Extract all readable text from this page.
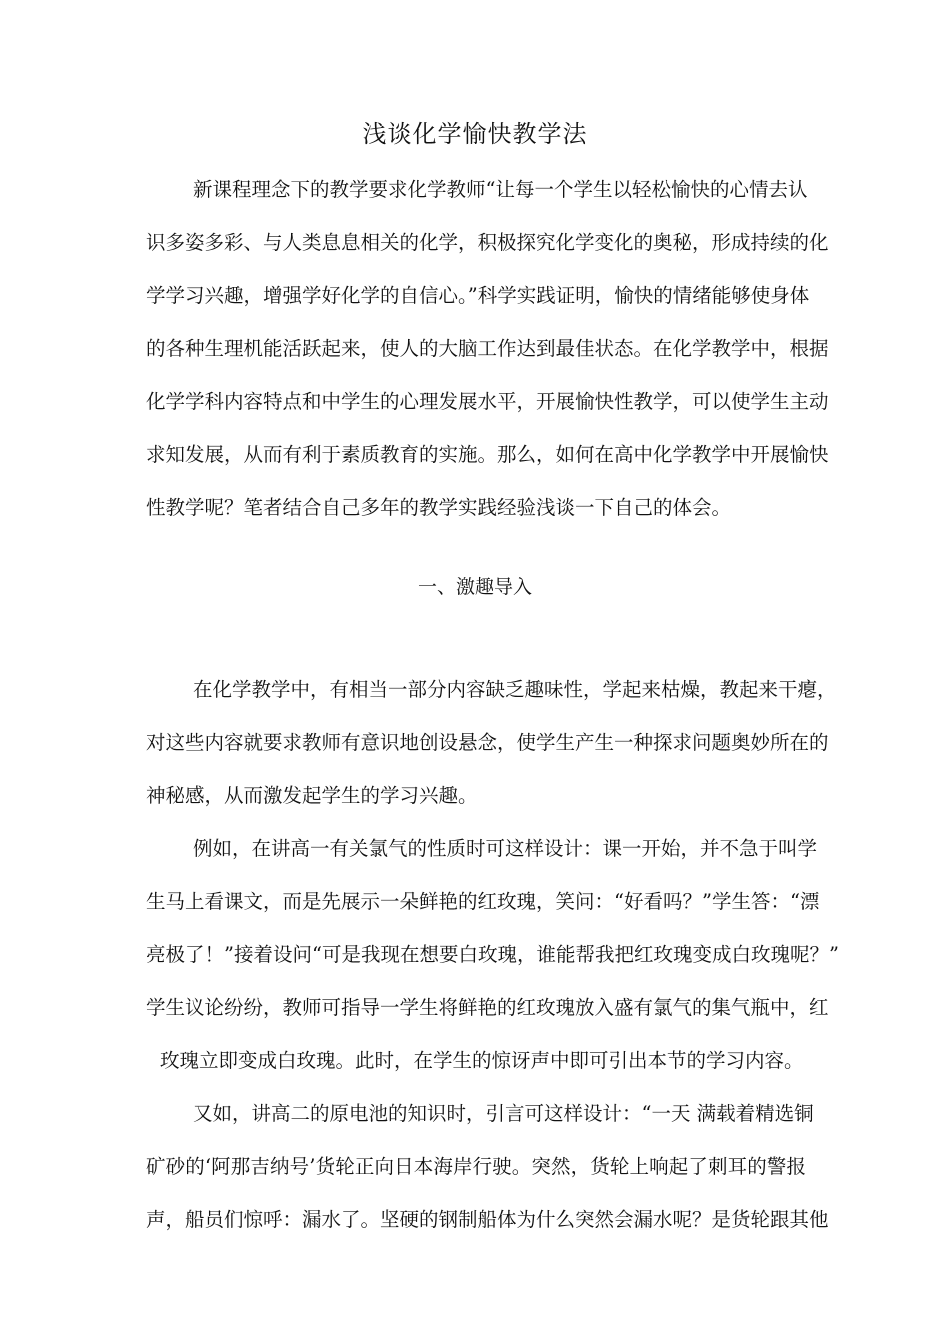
浅谈化学愉快教学法
新课程理念下的教学要求化学教师“让每一个学生以轻松愉快的心情去认
识多姿多彩、与人类息息相关的化学，积极探究化学变化的奥秘，形成持续的化
学学习兴趣，增强学好化学的自信心。”科学实践证明，愉快的情绪能够使身体
的各种生理机能活跃起来，使人的大脑工作达到最佳状态。在化学教学中，根据
化学学科内容特点和中学生的心理发展水平，开展愉快性教学，可以使学生主动
求知发展，从而有利于素质教育的实施。那么，如何在高中化学教学中开展愉快
性教学呢？笔者结合自己多年的教学实践经验浅谈一下自己的体会。
一、激趣导入
在化学教学中，有相当一部分内容缺乏趣味性，学起来枯燥，教起来干瘪，
对这些内容就要求教师有意识地创设悬念，使学生产生一种探求问题奥妙所在的
神秘感，从而激发起学生的学习兴趣。
例如，在讲高一有关氯气的性质时可这样设计：课一开始，并不急于叫学
生马上看课文，而是先展示一朵鲜艳的红玫瑰，笑问：“好看吗？”学生答：“漂
亮极了！”接着设问“可是我现在想要白玫瑰，谁能帮我把红玫瑰变成白玫瑰呢？”
学生议论纷纷，教师可指导一学生将鲜艳的红玫瑰放入盛有氯气的集气瓶中，红
玫瑰立即变成白玫瑰。此时，在学生的惊讶声中即可引出本节的学习内容。
又如，讲高二的原电池的知识时，引言可这样设计：“一天 满载着精选铜
矿砂的‘阿那吉纳号’货轮正向日本海岸行驶。突然，货轮上响起了刺耳的警报
声，船员们惊呼：漏水了。坚硬的钢制船体为什么突然会漏水呢？是货轮跟其他
